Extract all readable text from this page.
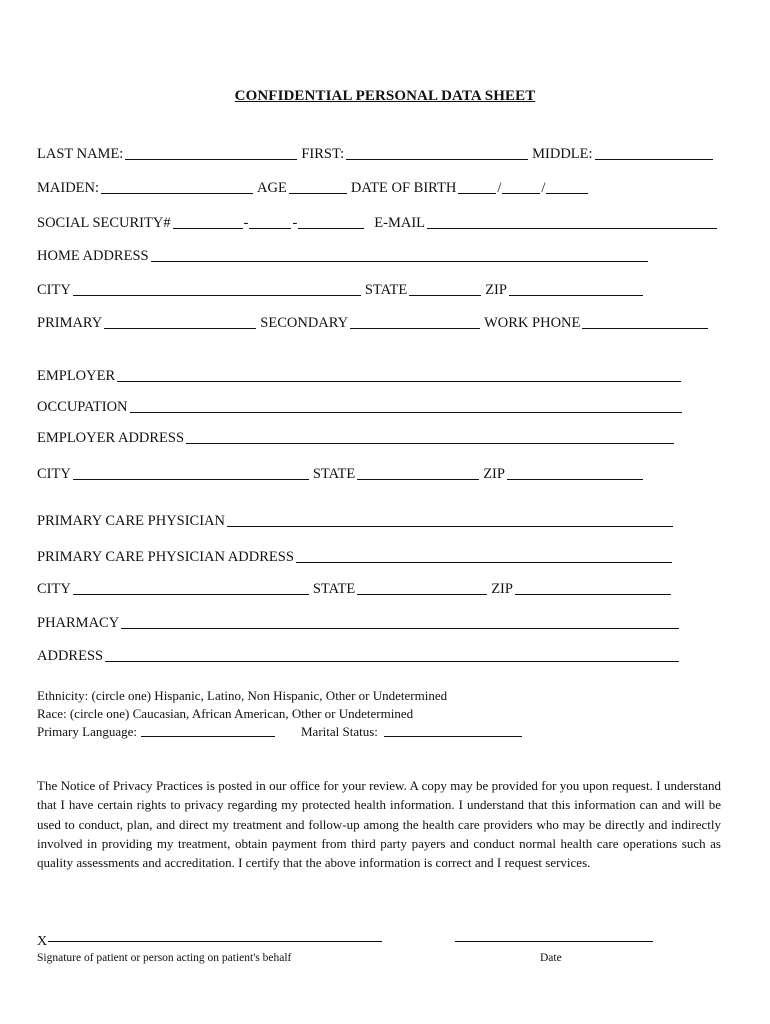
CONFIDENTIAL PERSONAL DATA SHEET
LAST NAME:	FIRST:	MIDDLE:
MAIDEN:	AGE	DATE OF BIRTH	/	/
SOCIAL SECURITY#	-	-	E-MAIL
HOME ADDRESS
CITY	STATE	ZIP
PRIMARY	SECONDARY	WORK PHONE
EMPLOYER
OCCUPATION
EMPLOYER ADDRESS
CITY	STATE	ZIP
PRIMARY CARE PHYSICIAN
PRIMARY CARE PHYSICIAN ADDRESS
CITY	STATE	ZIP
PHARMACY
ADDRESS
Ethnicity: (circle one) Hispanic, Latino, Non Hispanic, Other or Undetermined
Race: (circle one) Caucasian, African American, Other or Undetermined
Primary Language:	Marital Status:
The Notice of Privacy Practices is posted in our office for your review. A copy may be provided for you upon request. I understand that I have certain rights to privacy regarding my protected health information. I understand that this information can and will be used to conduct, plan, and direct my treatment and follow-up among the health care providers who may be directly and indirectly involved in providing my treatment, obtain payment from third party payers and conduct normal health care operations such as quality assessments and accreditation. I certify that the above information is correct and I request services.
X
Signature of patient or person acting on patient's behalf	Date
